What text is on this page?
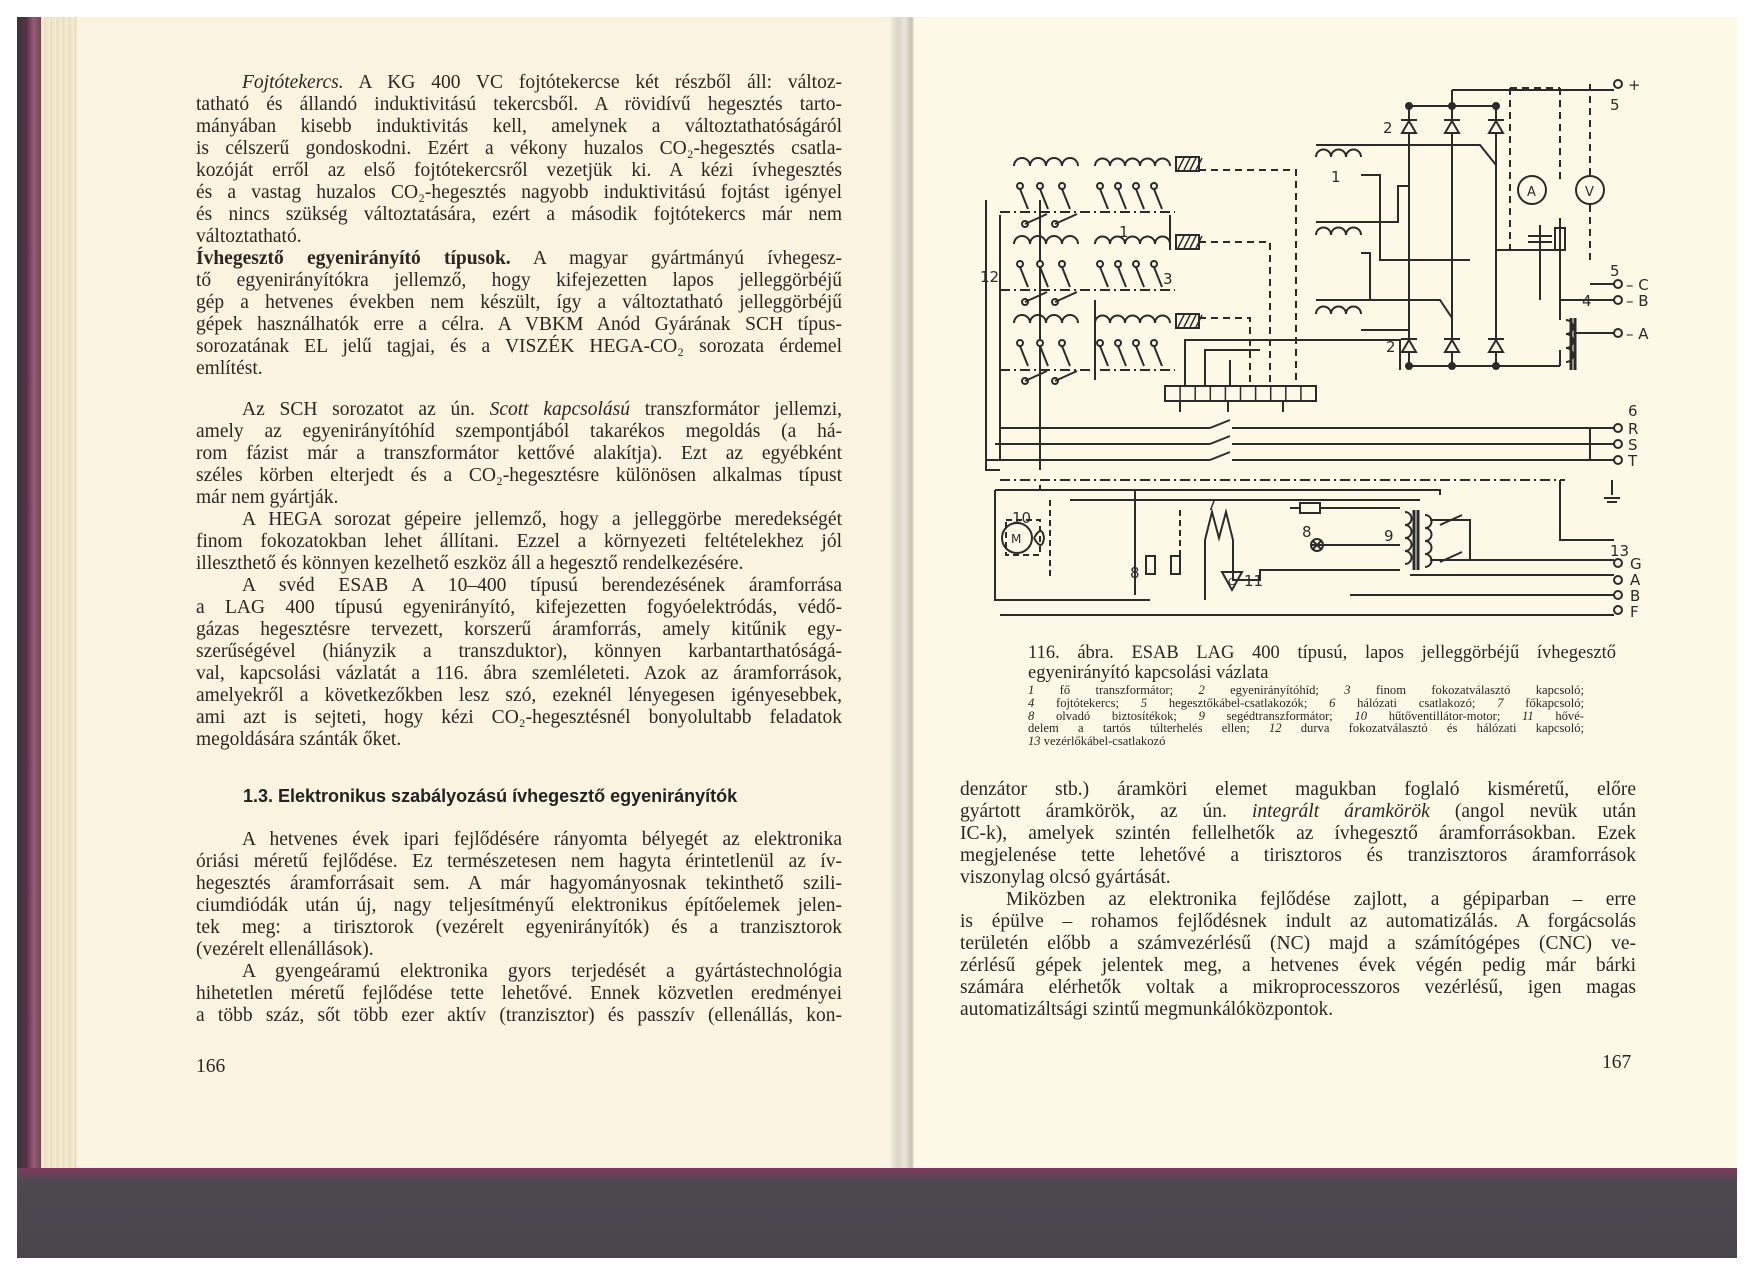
Fojtótekercs. A KG 400 VC fojtótekercse két részből áll: változ-
tatható és állandó induktivitású tekercsből. A rövidívű hegesztés tarto-
mányában kisebb induktivitás kell, amelynek a változtathatóságáról
is célszerű gondoskodni. Ezért a vékony huzalos CO₂-hegesztés csatla-
kozóját erről az első fojtótekercsről vezetjük ki. A kézi ívhegesztés
és a vastag huzalos CO₂-hegesztés nagyobb induktivitású fojtást igényel
és nincs szükség változtatására, ezért a második fojtótekercs már nem
változtatható.
Ívhegesztő egyenirányító típusok. A magyar gyártmányú ívhegesz-
tő egyenirányítókra jellemző, hogy kifejezetten lapos jelleggörbéjű
gép a hetvenes években nem készült, így a változtatható jelleggörbéjű
gépek használhatók erre a célra. A VBKM Anód Gyárának SCH típus-
sorozatának EL jelű tagjai, és a VISZÉK HEGA-CO₂ sorozata érdemel
említést.
Az SCH sorozatot az ún. Scott kapcsolású transzformátor jellemzi,
amely az egyenirányítóhíd szempontjából takarékos megoldás (a há-
rom fázist már a transzformátor kettővé alakítja). Ezt az egyébként
széles körben elterjedt és a CO₂-hegesztésre különösen alkalmas típust
már nem gyártják.
A HEGA sorozat gépeire jellemző, hogy a jelleggörbe meredekségét
finom fokozatokban lehet állítani. Ezzel a környezeti feltételekhez jól
illeszthető és könnyen kezelhető eszköz áll a hegesztő rendelkezésére.
A svéd ESAB A 10–400 típusú berendezésének áramforrása
a LAG 400 típusú egyenirányító, kifejezetten fogyóelektródás, védő-
gázas hegesztésre tervezett, korszerű áramforrás, amely kitűnik egy-
szerűségével (hiányzik a transzduktor), könnyen karbantarthatóságá-
val, kapcsolási vázlatát a 116. ábra szemléleteti. Azok az áramforrások,
amelyekről a következőkben lesz szó, ezeknél lényegesen igényesebbek,
ami azt is sejteti, hogy kézi CO₂-hegesztésnél bonyolultabb feladatok
megoldására szánták őket.
1.3. Elektronikus szabályozású ívhegesztő egyenirányítók
A hetvenes évek ipari fejlődésére rányomta bélyegét az elektronika
óriási méretű fejlődése. Ez természetesen nem hagyta érintetlenül az ív-
hegesztés áramforrásait sem. A már hagyományosnak tekinthető szili-
ciumdiódák után új, nagy teljesítményű elektronikus építőelemek jelen-
tek meg: a tirisztorok (vezérelt egyenirányítók) és a tranzisztorok
(vezérelt ellenállások).
A gyengeáramú elektronika gyors terjedését a gyártástechnológia
hihetetlen méretű fejlődése tette lehetővé. Ennek közvetlen eredményei
a több száz, sőt több ezer aktív (tranzisztor) és passzív (ellenállás, kon-
166
denzátor stb.) áramköri elemet magukban foglaló kisméretű, előre
gyártott áramkörök, az ún. integrált áramkörök (angol nevük után
IC-k), amelyek szintén fellelhetők az ívhegesztő áramforrásokban. Ezek
megjelenése tette lehetővé a tirisztoros és tranzisztoros áramforrások
viszonylag olcsó gyártását.
Miközben az elektronika fejlődése zajlott, a gépiparban – erre
is épülve – rohamos fejlődésnek indult az automatizálás. A forgácsolás
területén előbb a számvezérlésű (NC) majd a számítógépes (CNC) ve-
zérlésű gépek jelentek meg, a hetvenes évek végén pedig már bárki
számára elérhetők voltak a mikroprocesszoros vezérlésű, igen magas
automatizáltsági szintű megmunkálóközpontok.
167
116. ábra. ESAB LAG 400 típusú, lapos jelleggörbéjű ívhegesztő
egyenirányító kapcsolási vázlata
1 fő transzformátor; 2 egyenirányítóhíd; 3 finom fokozatválasztó kapcsoló;
4 fojtótekercs; 5 hegesztőkábel-csatlakozók; 6 hálózati csatlakozó; 7 főkapcsoló;
8 olvadó biztosítékok; 9 segédtranszformátor; 10 hűtőventillátor-motor; 11 hővé-
delem a tartós túlterhelés ellen; 12 durva fokozatválasztó és hálózati kapcsoló;
13 vezérlőkábel-csatlakozó
+
5
2
1
A	V
5
– C
– B
– A
4
2
1
12	3
6
R
S
T
10
M
7
8	9
8	11
C
13
G
A
B
F
